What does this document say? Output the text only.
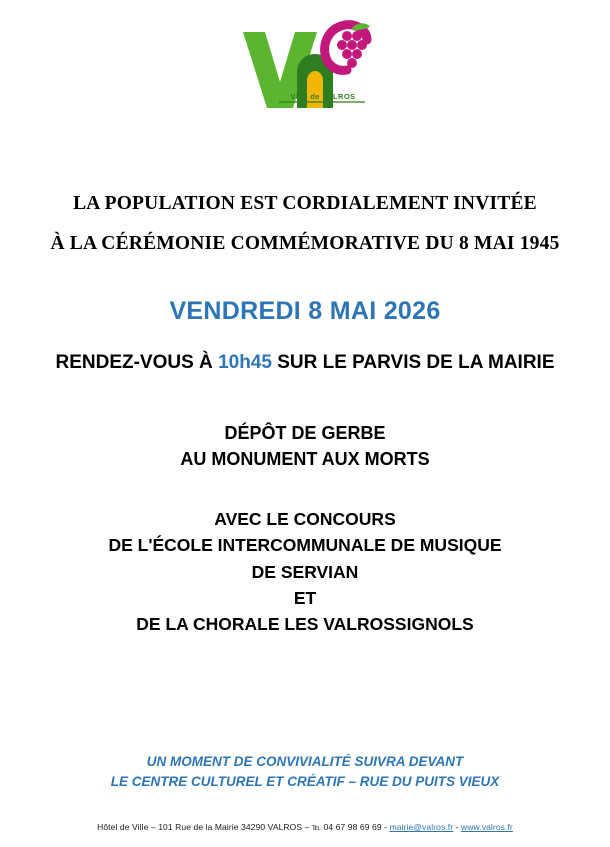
Ville de VALROS
LA POPULATION EST CORDIALEMENT INVITÉE
À LA CÉRÉMONIE COMMÉMORATIVE DU 8 MAI 1945
VENDREDI 8 MAI 2026
RENDEZ-VOUS À 10h45 SUR LE PARVIS DE LA MAIRIE
DÉPÔT DE GERBE
AU MONUMENT AUX MORTS
AVEC LE CONCOURS
DE L'ÉCOLE INTERCOMMUNALE DE MUSIQUE
DE SERVIAN
ET
DE LA CHORALE LES VALROSSIGNOLS
UN MOMENT DE CONVIVIALITÉ SUIVRA DEVANT
LE CENTRE CULTUREL ET CRÉATIF – RUE DU PUITS VIEUX
Hôtel de Ville – 101 Rue de la Mairie 34290 VALROS – ℡ 04 67 98 69 69 - mairie@valros.fr - www.valros.fr
